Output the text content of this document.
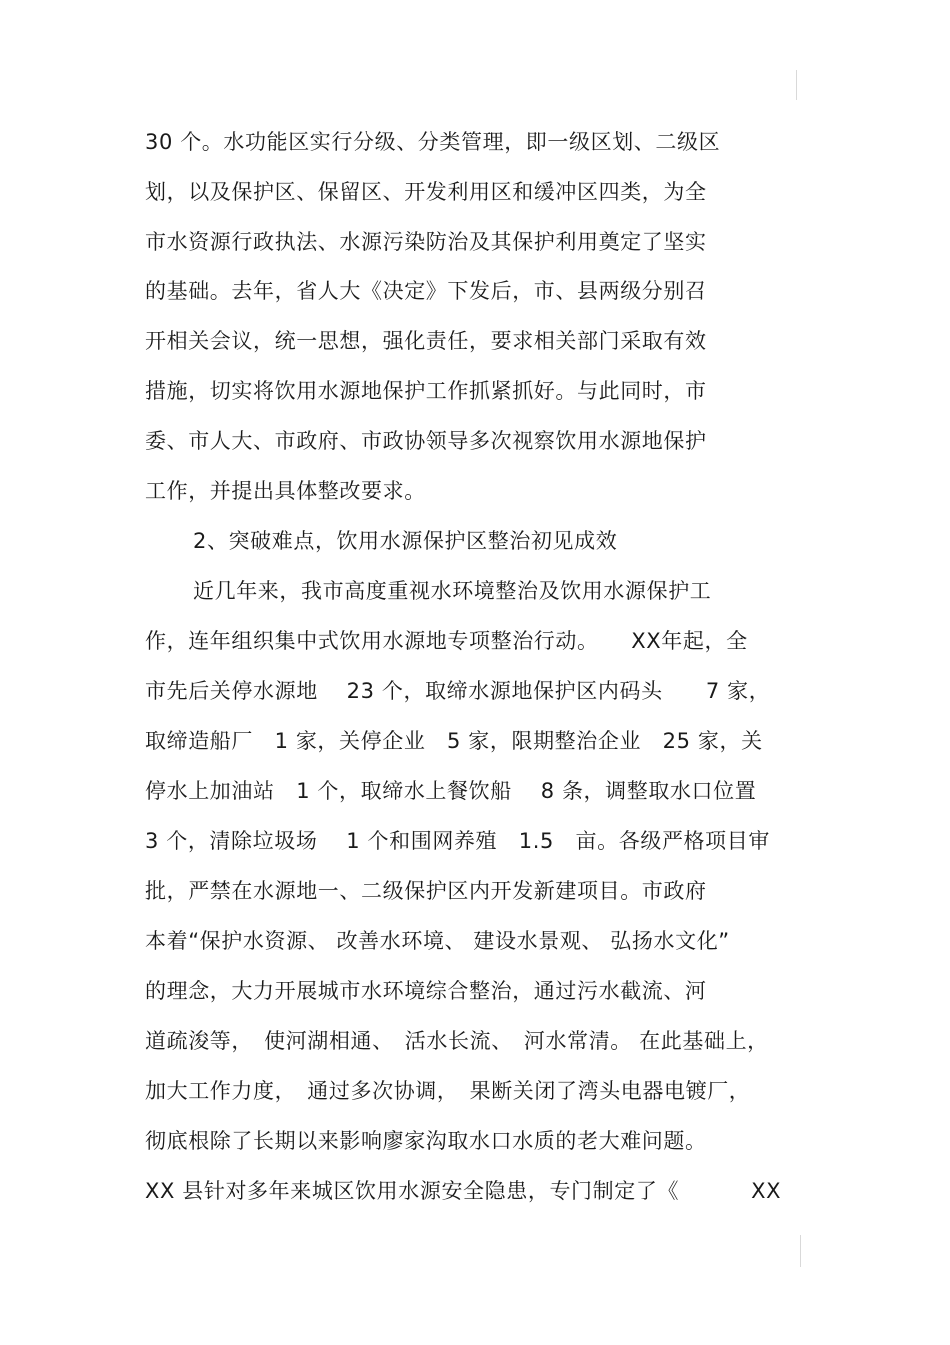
30 个。水功能区实行分级、分类管理，即一级区划、二级区
划，以及保护区、保留区、开发利用区和缓冲区四类，为全
市水资源行政执法、水源污染防治及其保护利用奠定了坚实
的基础。去年，省人大《决定》下发后，市、县两级分别召
开相关会议，统一思想，强化责任，要求相关部门采取有效
措施，切实将饮用水源地保护工作抓紧抓好。与此同时，市
委、市人大、市政府、市政协领导多次视察饮用水源地保护
工作，并提出具体整改要求。
2、突破难点，饮用水源保护区整治初见成效
近几年来，我市高度重视水环境整治及饮用水源保护工
作，连年组织集中式饮用水源地专项整治行动。　　XX年起，全
市先后关停水源地　 23 个，取缔水源地保护区内码头　　7 家，
取缔造船厂　1 家，关停企业　5 家，限期整治企业　25 家，关
停水上加油站　1 个，取缔水上餐饮船　 8 条，调整取水口位置
3 个，清除垃圾场　 1 个和围网养殖　1.5　亩。各级严格项目审
批，严禁在水源地一、二级保护区内开发新建项目。市政府
本着“保护水资源、 改善水环境、 建设水景观、 弘扬水文化”
的理念，大力开展城市水环境综合整治，通过污水截流、河
道疏浚等，　使河湖相通、　活水长流、　河水常清。 在此基础上，
加大工作力度，　通过多次协调，　果断关闭了湾头电器电镀厂，
彻底根除了长期以来影响廖家沟取水口水质的老大难问题。
XX 县针对多年来城区饮用水源安全隐患，专门制定了《　　　 XX
